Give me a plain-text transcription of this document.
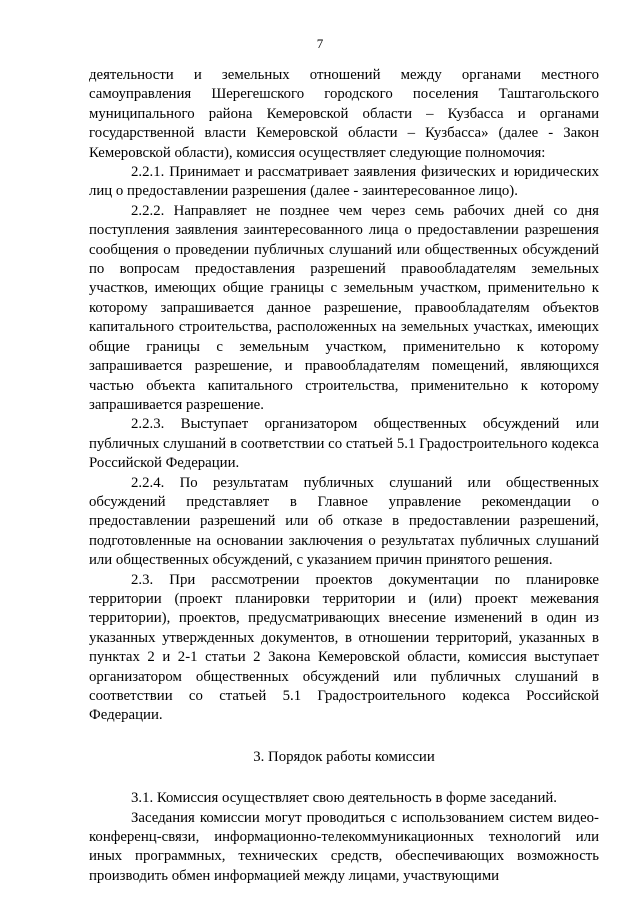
7

деятельности и земельных отношений между органами местного самоуправления Шерегешского городского поселения Таштагольского муниципального района Кемеровской области – Кузбасса и органами государственной власти Кемеровской области – Кузбасса» (далее - Закон Кемеровской области), комиссия осуществляет следующие полномочия:

2.2.1. Принимает и рассматривает заявления физических и юридических лиц о предоставлении разрешения (далее - заинтересованное лицо).

2.2.2. Направляет не позднее чем через семь рабочих дней со дня поступления заявления заинтересованного лица о предоставлении разрешения сообщения о проведении публичных слушаний или общественных обсуждений по вопросам предоставления разрешений правообладателям земельных участков, имеющих общие границы с земельным участком, применительно к которому запрашивается данное разрешение, правообладателям объектов капитального строительства, расположенных на земельных участках, имеющих общие границы с земельным участком, применительно к которому запрашивается разрешение, и правообладателям помещений, являющихся частью объекта капитального строительства, применительно к которому запрашивается разрешение.

2.2.3. Выступает организатором общественных обсуждений или публичных слушаний в соответствии со статьей 5.1 Градостроительного кодекса Российской Федерации.

2.2.4. По результатам публичных слушаний или общественных обсуждений представляет в Главное управление рекомендации о предоставлении разрешений или об отказе в предоставлении разрешений, подготовленные на основании заключения о результатах публичных слушаний или общественных обсуждений, с указанием причин принятого решения.

2.3. При рассмотрении проектов документации по планировке территории (проект планировки территории и (или) проект межевания территории), проектов, предусматривающих внесение изменений в один из указанных утвержденных документов, в отношении территорий, указанных в пунктах 2 и 2-1 статьи 2 Закона Кемеровской области, комиссия выступает организатором общественных обсуждений или публичных слушаний в соответствии со статьей 5.1 Градостроительного кодекса Российской Федерации.

3. Порядок работы комиссии

3.1. Комиссия осуществляет свою деятельность в форме заседаний.

Заседания комиссии могут проводиться с использованием систем видео-конференц-связи, информационно-телекоммуникационных технологий или иных программных, технических средств, обеспечивающих возможность производить обмен информацией между лицами, участвующими
